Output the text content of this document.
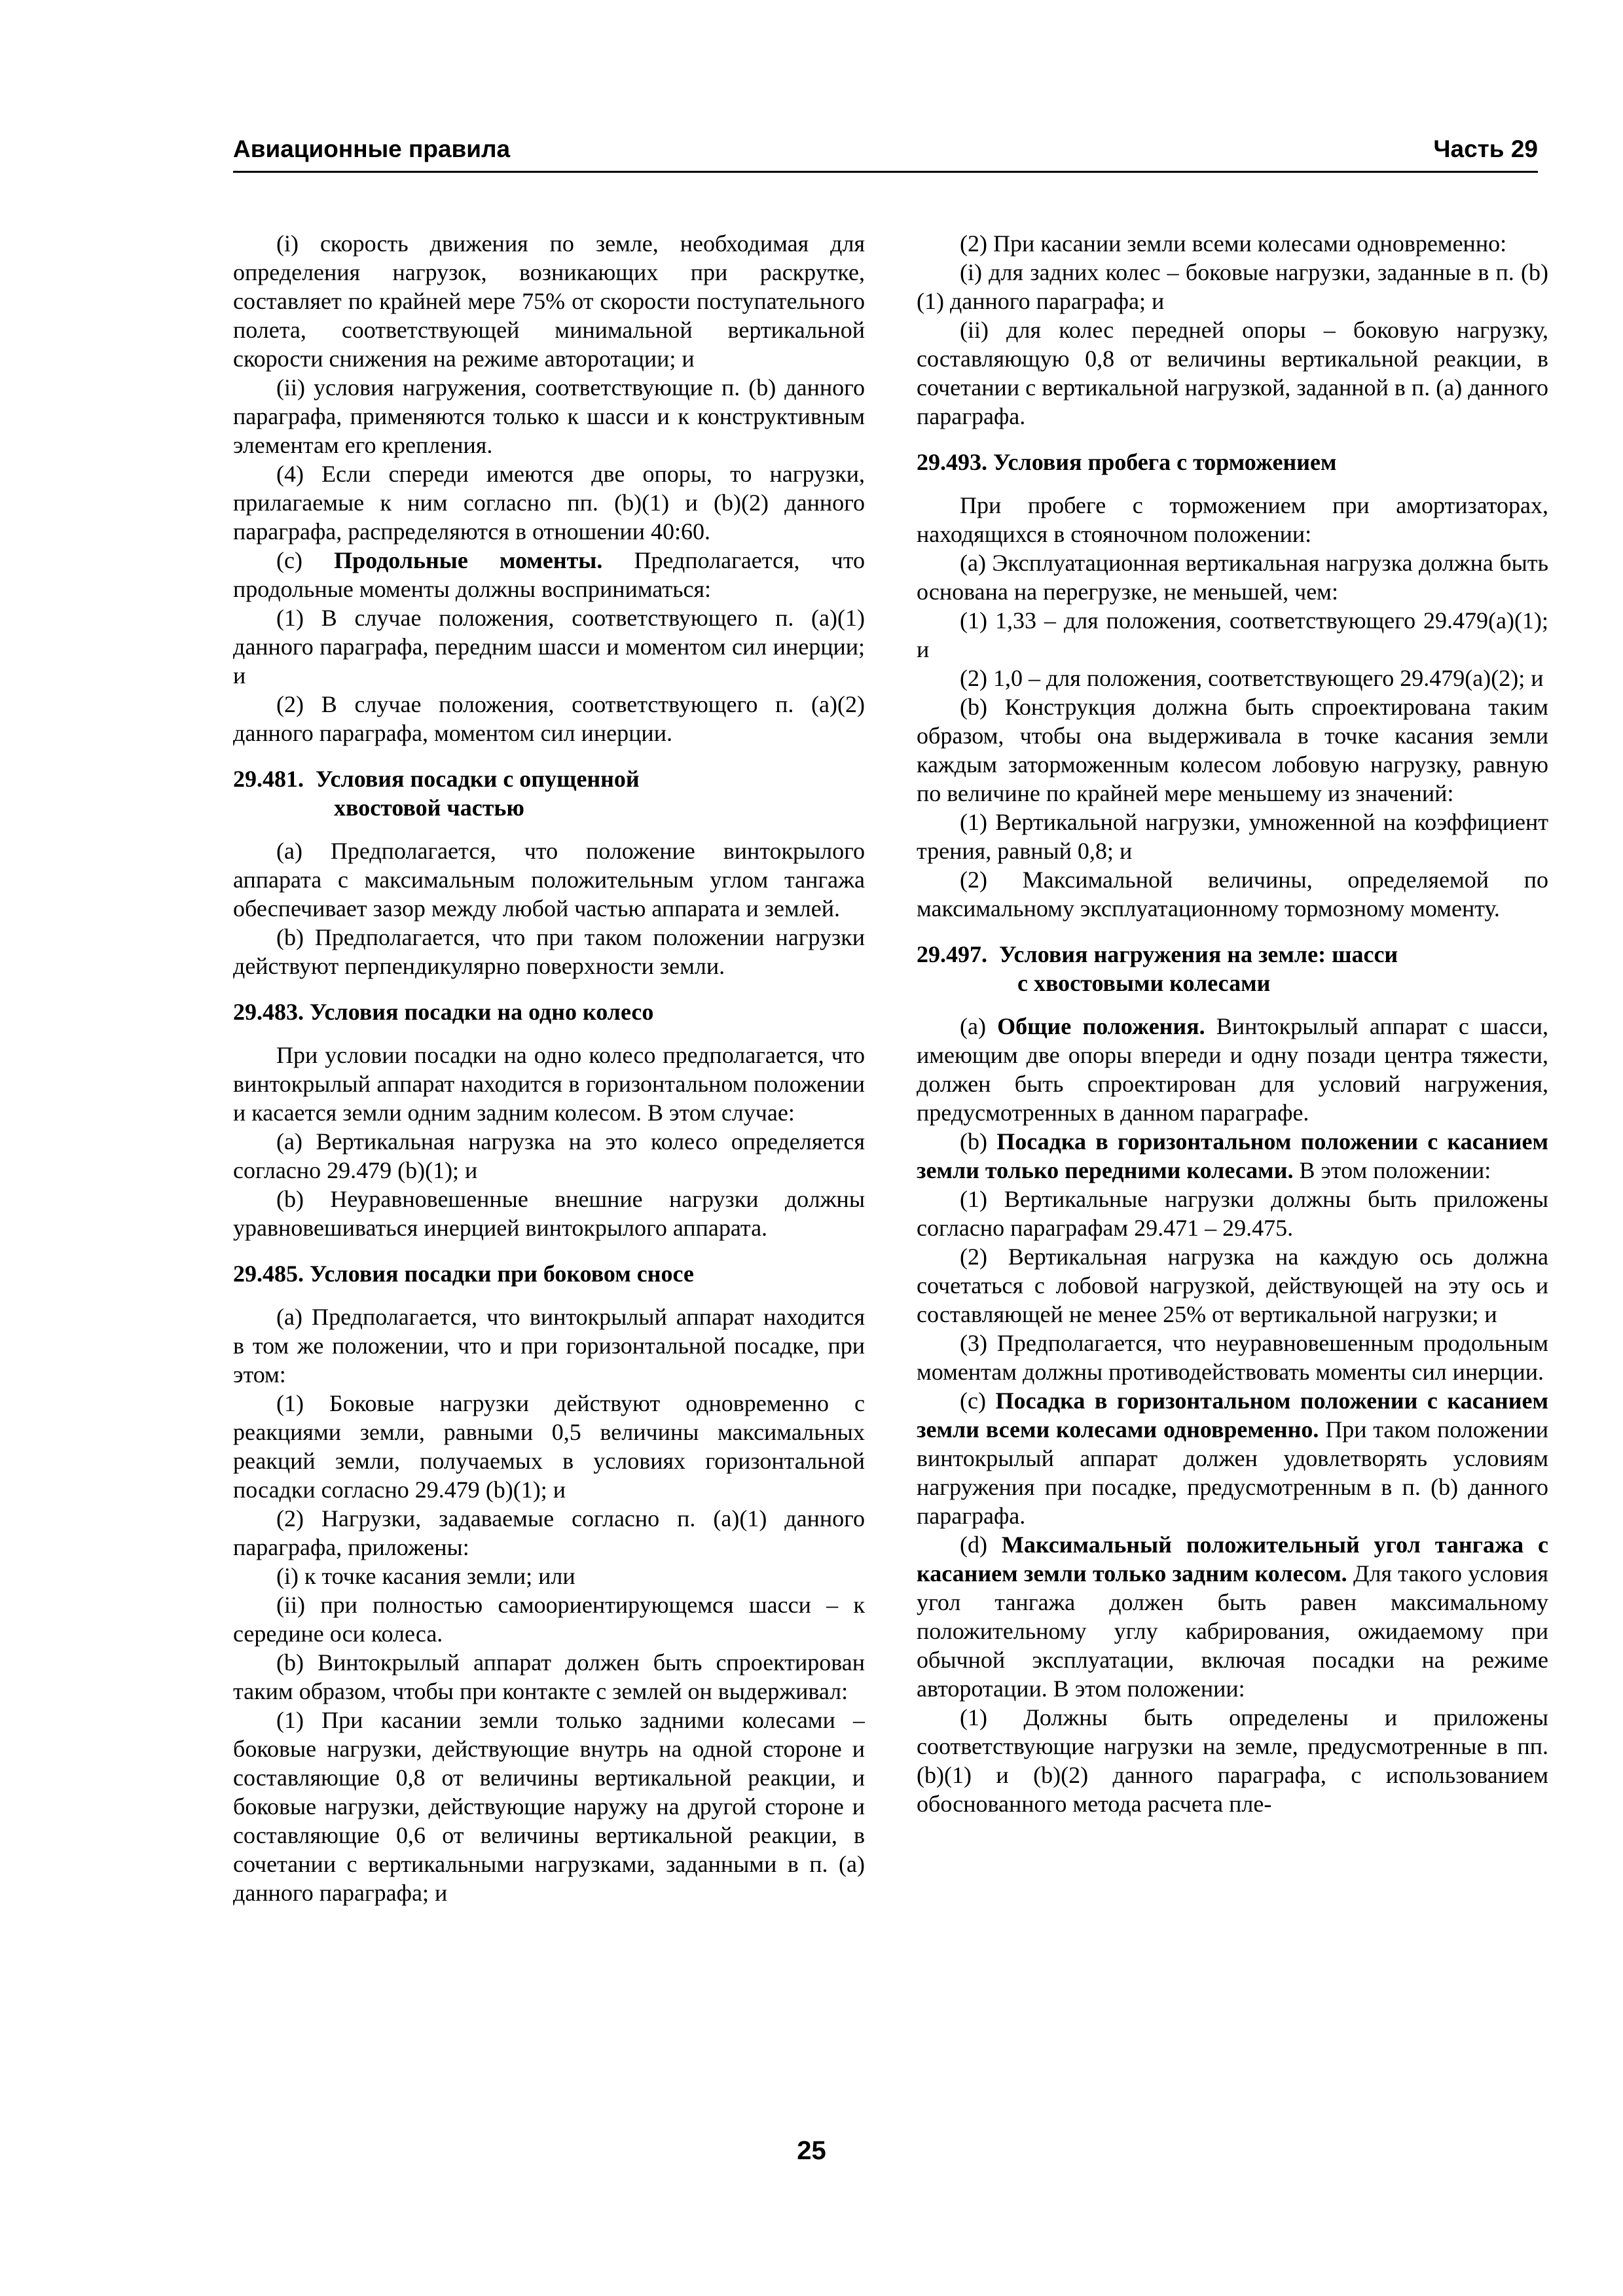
Авиационные правила	Часть 29

(i) скорость движения по земле, необходимая для определения нагрузок, возникающих при раскрутке, составляет по крайней мере 75% от скорости поступательного полета, соответствующей минимальной вертикальной скорости снижения на режиме авторотации; и

(ii) условия нагружения, соответствующие п. (b) данного параграфа, применяются только к шасси и к конструктивным элементам его крепления.

(4) Если спереди имеются две опоры, то нагрузки, прилагаемые к ним согласно пп. (b)(1) и (b)(2) данного параграфа, распределяются в отношении 40:60.

(c) Продольные моменты. Предполагается, что продольные моменты должны восприниматься:

(1) В случае положения, соответствующего п. (a)(1) данного параграфа, передним шасси и моментом сил инерции; и

(2) В случае положения, соответствующего п. (a)(2) данного параграфа, моментом сил инерции.

29.481. Условия посадки с опущенной
хвостовой частью

(a) Предполагается, что положение винтокрылого аппарата с максимальным положительным углом тангажа обеспечивает зазор между любой частью аппарата и землей.

(b) Предполагается, что при таком положении нагрузки действуют перпендикулярно поверхности земли.

29.483. Условия посадки на одно колесо

При условии посадки на одно колесо предполагается, что винтокрылый аппарат находится в горизонтальном положении и касается земли одним задним колесом. В этом случае:

(a) Вертикальная нагрузка на это колесо определяется согласно 29.479 (b)(1); и

(b) Неуравновешенные внешние нагрузки должны уравновешиваться инерцией винтокрылого аппарата.

29.485. Условия посадки при боковом сносе

(a) Предполагается, что винтокрылый аппарат находится в том же положении, что и при горизонтальной посадке, при этом:

(1) Боковые нагрузки действуют одновременно с реакциями земли, равными 0,5 величины максимальных реакций земли, получаемых в условиях горизонтальной посадки согласно 29.479 (b)(1); и

(2) Нагрузки, задаваемые согласно п. (a)(1) данного параграфа, приложены:

(i) к точке касания земли; или

(ii) при полностью самоориентирующемся шасси – к середине оси колеса.

(b) Винтокрылый аппарат должен быть спроектирован таким образом, чтобы при контакте с землей он выдерживал:

(1) При касании земли только задними колесами – боковые нагрузки, действующие внутрь на одной стороне и составляющие 0,8 от величины вертикальной реакции, и боковые нагрузки, действующие наружу на другой стороне и составляющие 0,6 от величины вертикальной реакции, в сочетании с вертикальными нагрузками, заданными в п. (a) данного параграфа; и

(2) При касании земли всеми колесами одновременно:

(i) для задних колес – боковые нагрузки, заданные в п. (b)(1) данного параграфа; и

(ii) для колес передней опоры – боковую нагрузку, составляющую 0,8 от величины вертикальной реакции, в сочетании с вертикальной нагрузкой, заданной в п. (a) данного параграфа.

29.493. Условия пробега с торможением

При пробеге с торможением при амортизаторах, находящихся в стояночном положении:

(a) Эксплуатационная вертикальная нагрузка должна быть основана на перегрузке, не меньшей, чем:

(1) 1,33 – для положения, соответствующего 29.479(a)(1); и

(2) 1,0 – для положения, соответствующего 29.479(a)(2); и

(b) Конструкция должна быть спроектирована таким образом, чтобы она выдерживала в точке касания земли каждым заторможенным колесом лобовую нагрузку, равную по величине по крайней мере меньшему из значений:

(1) Вертикальной нагрузки, умноженной на коэффициент трения, равный 0,8; и

(2) Максимальной величины, определяемой по максимальному эксплуатационному тормозному моменту.

29.497. Условия нагружения на земле: шасси
с хвостовыми колесами

(a) Общие положения. Винтокрылый аппарат с шасси, имеющим две опоры впереди и одну позади центра тяжести, должен быть спроектирован для условий нагружения, предусмотренных в данном параграфе.

(b) Посадка в горизонтальном положении с касанием земли только передними колесами. В этом положении:

(1) Вертикальные нагрузки должны быть приложены согласно параграфам 29.471 – 29.475.

(2) Вертикальная нагрузка на каждую ось должна сочетаться с лобовой нагрузкой, действующей на эту ось и составляющей не менее 25% от вертикальной нагрузки; и

(3) Предполагается, что неуравновешенным продольным моментам должны противодействовать моменты сил инерции.

(c) Посадка в горизонтальном положении с касанием земли всеми колесами одновременно. При таком положении винтокрылый аппарат должен удовлетворять условиям нагружения при посадке, предусмотренным в п. (b) данного параграфа.

(d) Максимальный положительный угол тангажа с касанием земли только задним колесом. Для такого условия угол тангажа должен быть равен максимальному положительному углу кабрирования, ожидаемому при обычной эксплуатации, включая посадки на режиме авторотации. В этом положении:

(1) Должны быть определены и приложены соответствующие нагрузки на земле, предусмотренные в пп. (b)(1) и (b)(2) данного параграфа, с использованием обоснованного метода расчета пле-

25
